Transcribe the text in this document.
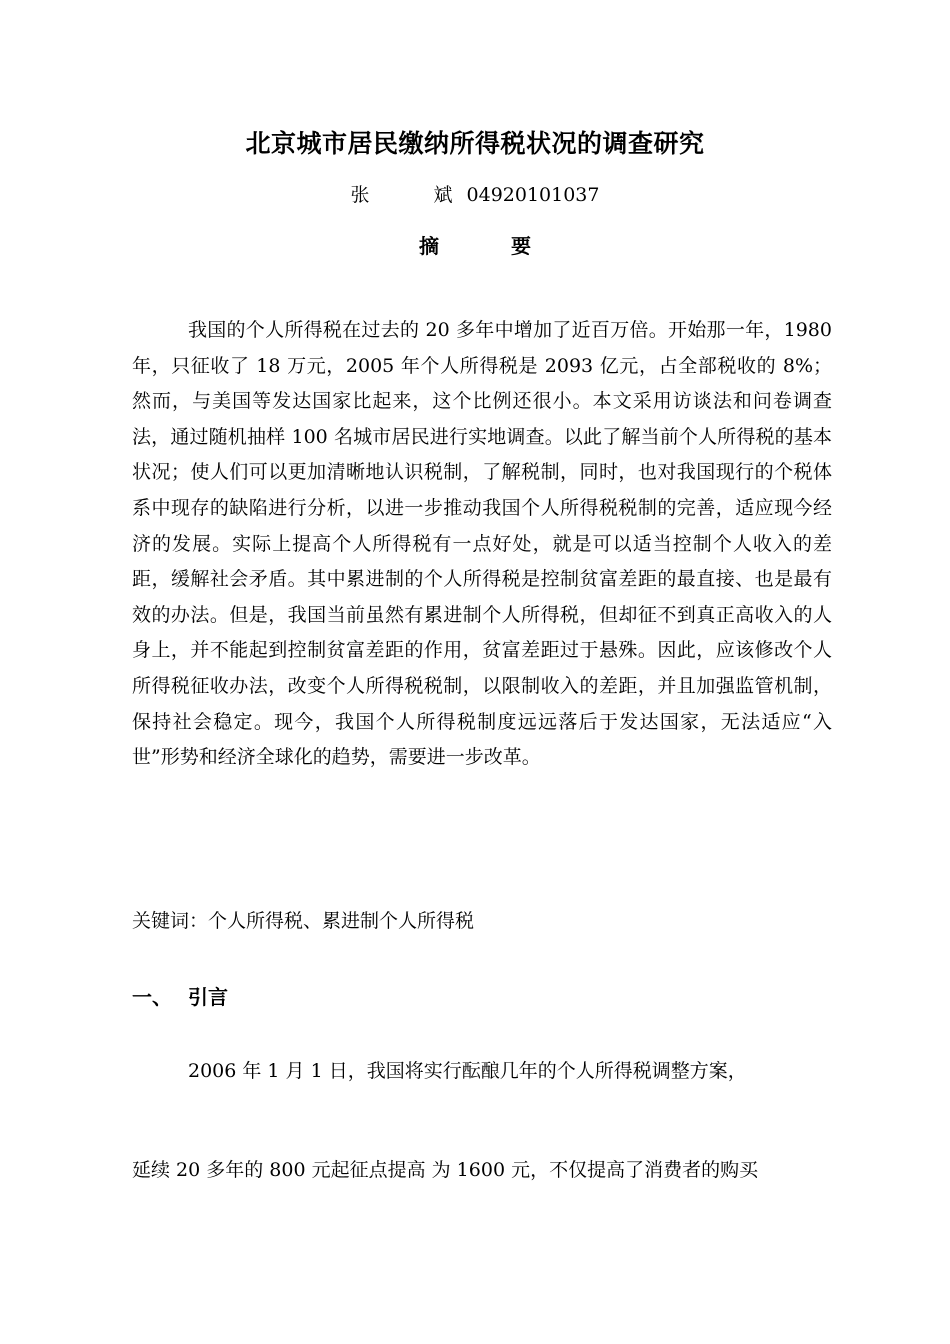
北京城市居民缴纳所得税状况的调查研究
张	斌 04920101037
摘	要

我国的个人所得税在过去的 20 多年中增加了近百万倍。开始那一年，1980 年，只征收了 18 万元，2005 年个人所得税是 2093 亿元，占全部税收的 8%；然而，与美国等发达国家比起来，这个比例还很小。本文采用访谈法和问卷调查法，通过随机抽样 100 名城市居民进行实地调查。以此了解当前个人所得税的基本状况；使人们可以更加清晰地认识税制，了解税制，同时，也对我国现行的个税体系中现存的缺陷进行分析，以进一步推动我国个人所得税税制的完善，适应现今经济的发展。实际上提高个人所得税有一点好处，就是可以适当控制个人收入的差距，缓解社会矛盾。其中累进制的个人所得税是控制贫富差距的最直接、也是最有效的办法。但是，我国当前虽然有累进制个人所得税，但却征不到真正高收入的人身上，并不能起到控制贫富差距的作用，贫富差距过于悬殊。因此，应该修改个人所得税征收办法，改变个人所得税税制，以限制收入的差距，并且加强监管机制，保持社会稳定。现今，我国个人所得税制度远远落后于发达国家，无法适应“入世”形势和经济全球化的趋势，需要进一步改革。

关键词：个人所得税、累进制个人所得税
一、 引言
2006 年 1 月 1 日，我国将实行酝酿几年的个人所得税调整方案，
延续 20 多年的 800 元起征点提高 为 1600 元，不仅提高了消费者的购买
